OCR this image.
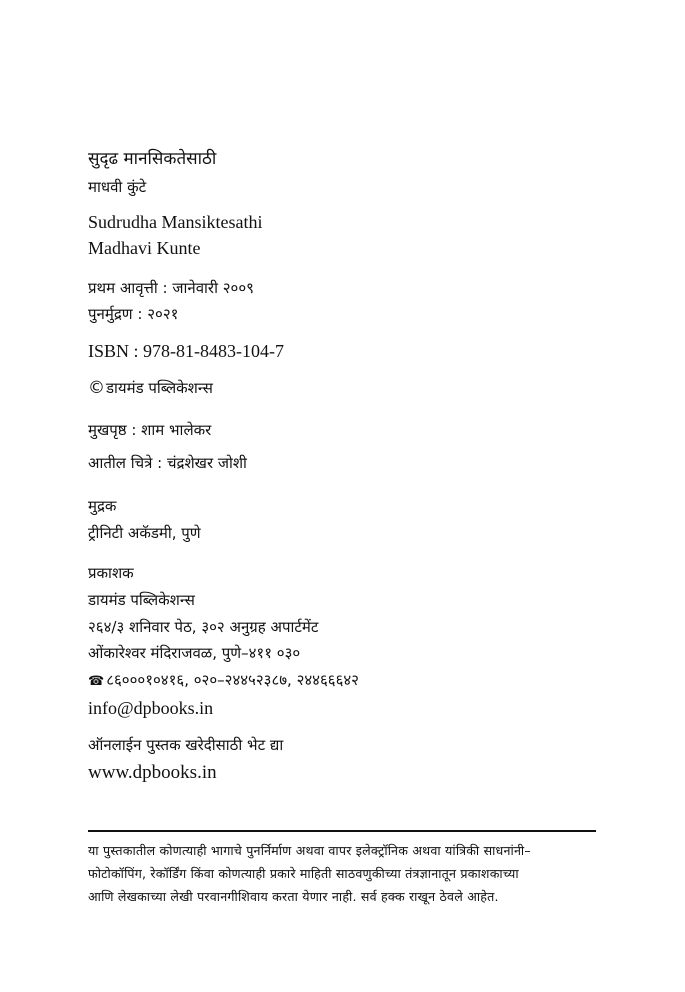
सुदृढ मानसिकतेसाठी
माधवी कुंटे
Sudrudha Mansiktesathi
Madhavi Kunte
प्रथम आवृत्ती : जानेवारी २००९
पुनर्मुद्रण : २०२१
ISBN : 978-81-8483-104-7
©डायमंड पब्लिकेशन्स
मुखपृष्ठ : शाम भालेकर
आतील चित्रे : चंद्रशेखर जोशी
मुद्रक
ट्रीनिटी अकॅडमी, पुणे
प्रकाशक
डायमंड पब्लिकेशन्स
२६४/३ शनिवार पेठ, ३०२ अनुग्रह अपार्टमेंट
ओंकारेश्वर मंदिराजवळ, पुणे–४११ ०३०
☎ ८६०००१०४१६, ०२०–२४४५२३८७, २४४६६६४२
info@dpbooks.in
ऑनलाईन पुस्तक खरेदीसाठी भेट द्या
www.dpbooks.in
या पुस्तकातील कोणत्याही भागाचे पुनर्निर्माण अथवा वापर इलेक्ट्रॉनिक अथवा यांत्रिकी साधनांनी–
फोटोकॉपिंग, रेकॉर्डिंग किंवा कोणत्याही प्रकारे माहिती साठवणुकीच्या तंत्रज्ञानातून प्रकाशकाच्या
आणि लेखकाच्या लेखी परवानगीशिवाय करता येणार नाही. सर्व हक्क राखून ठेवले आहेत.
